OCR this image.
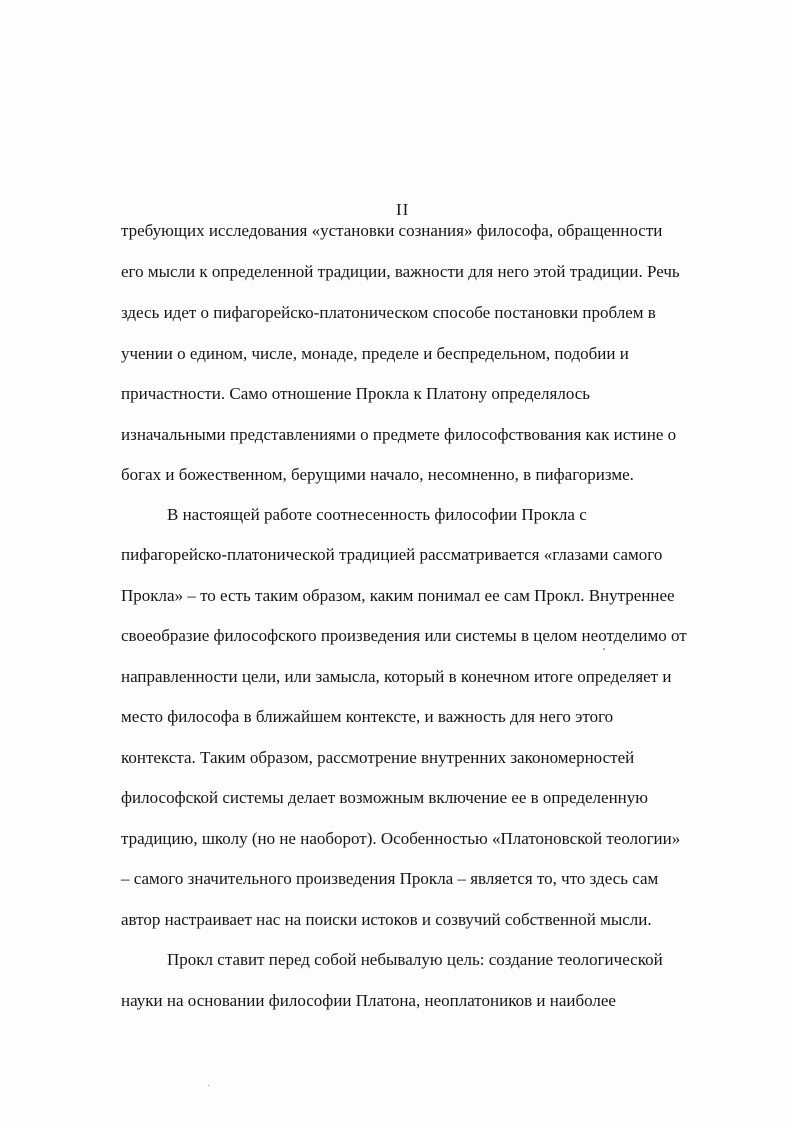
II
требующих исследования «установки сознания» философа, обращенности
его мысли к определенной традиции, важности для него этой традиции. Речь
здесь идет о пифагорейско-платоническом способе постановки проблем в
учении о едином, числе, монаде, пределе и беспредельном, подобии и
причастности. Само отношение Прокла к Платону определялось
изначальными представлениями о предмете философствования как истине о
богах и божественном, берущими начало, несомненно, в пифагоризме.
В настоящей работе соотнесенность философии Прокла с
пифагорейско-платонической традицией рассматривается «глазами самого
Прокла» – то есть таким образом, каким понимал ее сам Прокл. Внутреннее
своеобразие философского произведения или системы в целом неотделимо от
направленности цели, или замысла, который в конечном итоге определяет и
место философа в ближайшем контексте, и важность для него этого
контекста. Таким образом, рассмотрение внутренних закономерностей
философской системы делает возможным включение ее в определенную
традицию, школу (но не наоборот). Особенностью «Платоновской теологии»
– самого значительного произведения Прокла – является то, что здесь сам
автор настраивает нас на поиски истоков и созвучий собственной мысли.
Прокл ставит перед собой небывалую цель: создание теологической
науки на основании философии Платона, неоплатоников и наиболее
